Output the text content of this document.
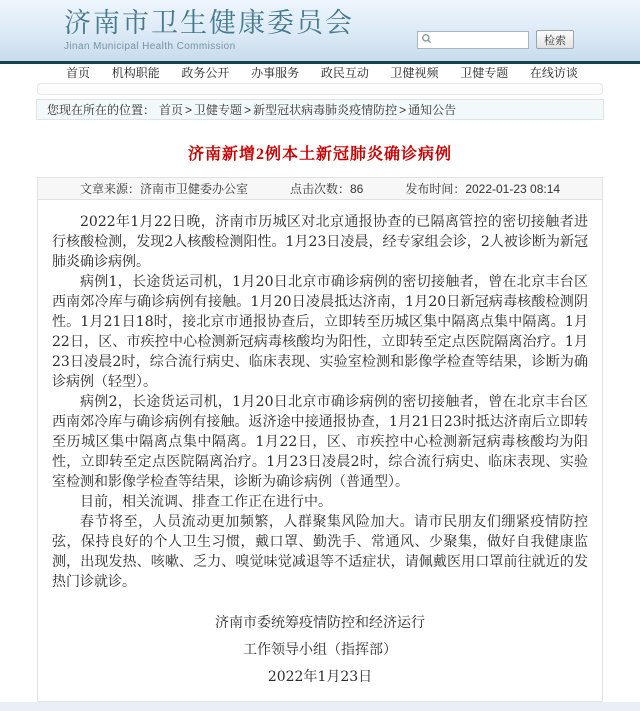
济南市卫生健康委员会
Jinan Municipal Health Commission	检索
首页 机构职能 政务公开 办事服务 政民互动 卫健视频 卫健专题 在线访谈
您现在所在的位置： 首页 > 卫健专题 > 新型冠状病毒肺炎疫情防控 > 通知公告
济南新增2例本土新冠肺炎确诊病例
文章来源：济南市卫健委办公室	点击次数：86	发布时间：2022-01-23 08:14

2022年1月22日晚，济南市历城区对北京通报协查的已隔离管控的密切接触者进行核酸检测，发现2人核酸检测阳性。1月23日凌晨，经专家组会诊，2人被诊断为新冠肺炎确诊病例。

病例1，长途货运司机，1月20日北京市确诊病例的密切接触者，曾在北京丰台区西南郊冷库与确诊病例有接触。1月20日凌晨抵达济南，1月20日新冠病毒核酸检测阴性。1月21日18时，接北京市通报协查后，立即转至历城区集中隔离点集中隔离。1月22日，区、市疾控中心检测新冠病毒核酸均为阳性，立即转至定点医院隔离治疗。1月23日凌晨2时，综合流行病史、临床表现、实验室检测和影像学检查等结果，诊断为确诊病例（轻型）。

病例2，长途货运司机，1月20日北京市确诊病例的密切接触者，曾在北京丰台区西南郊冷库与确诊病例有接触。返济途中接通报协查，1月21日23时抵达济南后立即转至历城区集中隔离点集中隔离。1月22日，区、市疾控中心检测新冠病毒核酸均为阳性，立即转至定点医院隔离治疗。1月23日凌晨2时，综合流行病史、临床表现、实验室检测和影像学检查等结果，诊断为确诊病例（普通型）。

目前，相关流调、排查工作正在进行中。

春节将至，人员流动更加频繁，人群聚集风险加大。请市民朋友们绷紧疫情防控弦，保持良好的个人卫生习惯，戴口罩、勤洗手、常通风、少聚集，做好自我健康监测，出现发热、咳嗽、乏力、嗅觉味觉减退等不适症状，请佩戴医用口罩前往就近的发热门诊就诊。

济南市委统筹疫情防控和经济运行
工作领导小组（指挥部）
2022年1月23日
